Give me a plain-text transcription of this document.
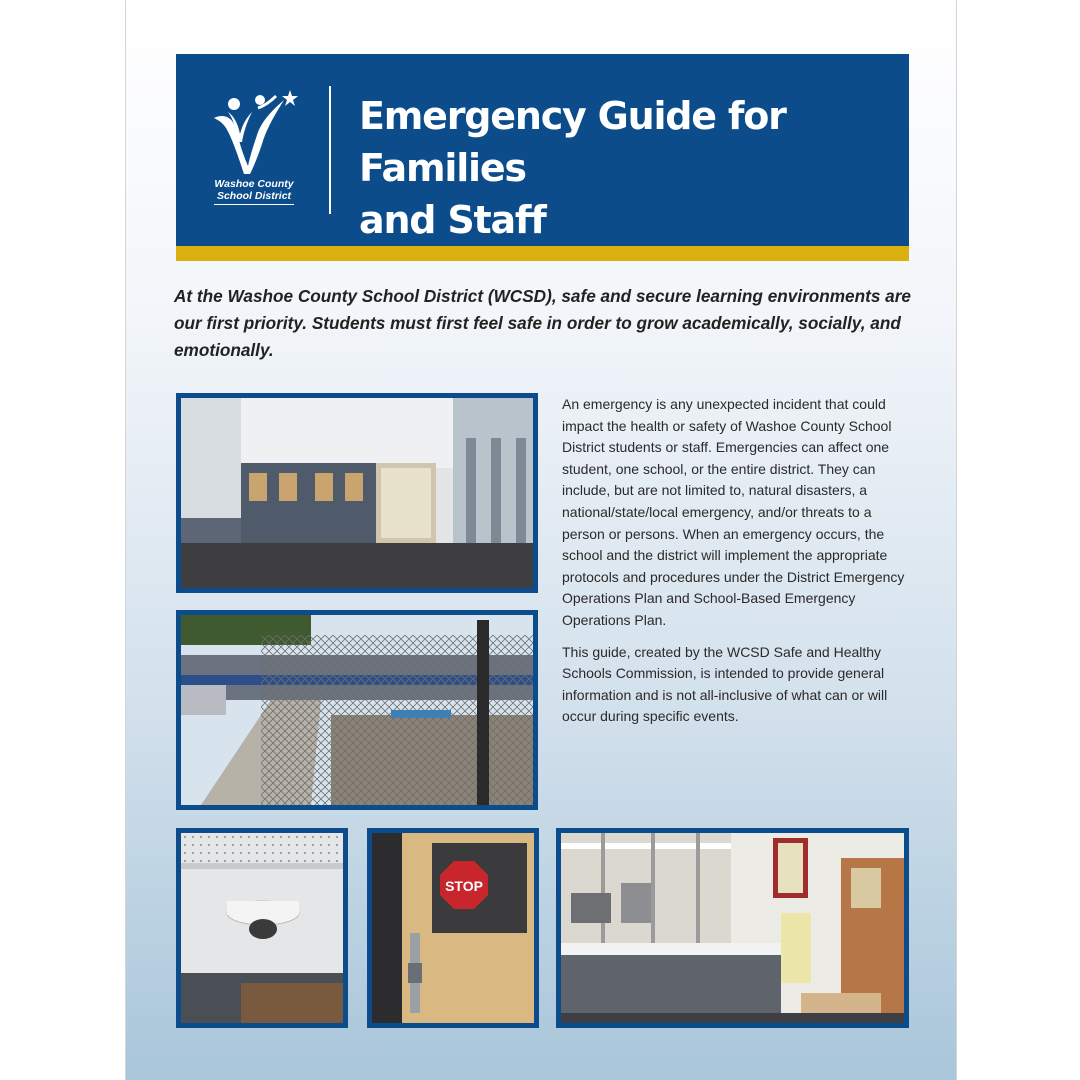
Washoe County
School District
Emergency Guide for Families
and Staff
At the Washoe County School District (WCSD), safe and secure learning environments are our first priority. Students must first feel safe in order to grow academically, socially, and emotionally.
STOP

An emergency is any unexpected incident that could impact the health or safety of Washoe County School District students or staff. Emergencies can affect one student, one school, or the entire district. They can include, but are not limited to, natural disasters, a national/state/local emergency, and/or threats to a person or persons. When an emergency occurs, the school and the district will implement the appropriate protocols and procedures under the District Emergency Operations Plan and School-Based Emergency Operations Plan.

This guide, created by the WCSD Safe and Healthy Schools Commission, is intended to provide general information and is not all-inclusive of what can or will occur during specific events.
